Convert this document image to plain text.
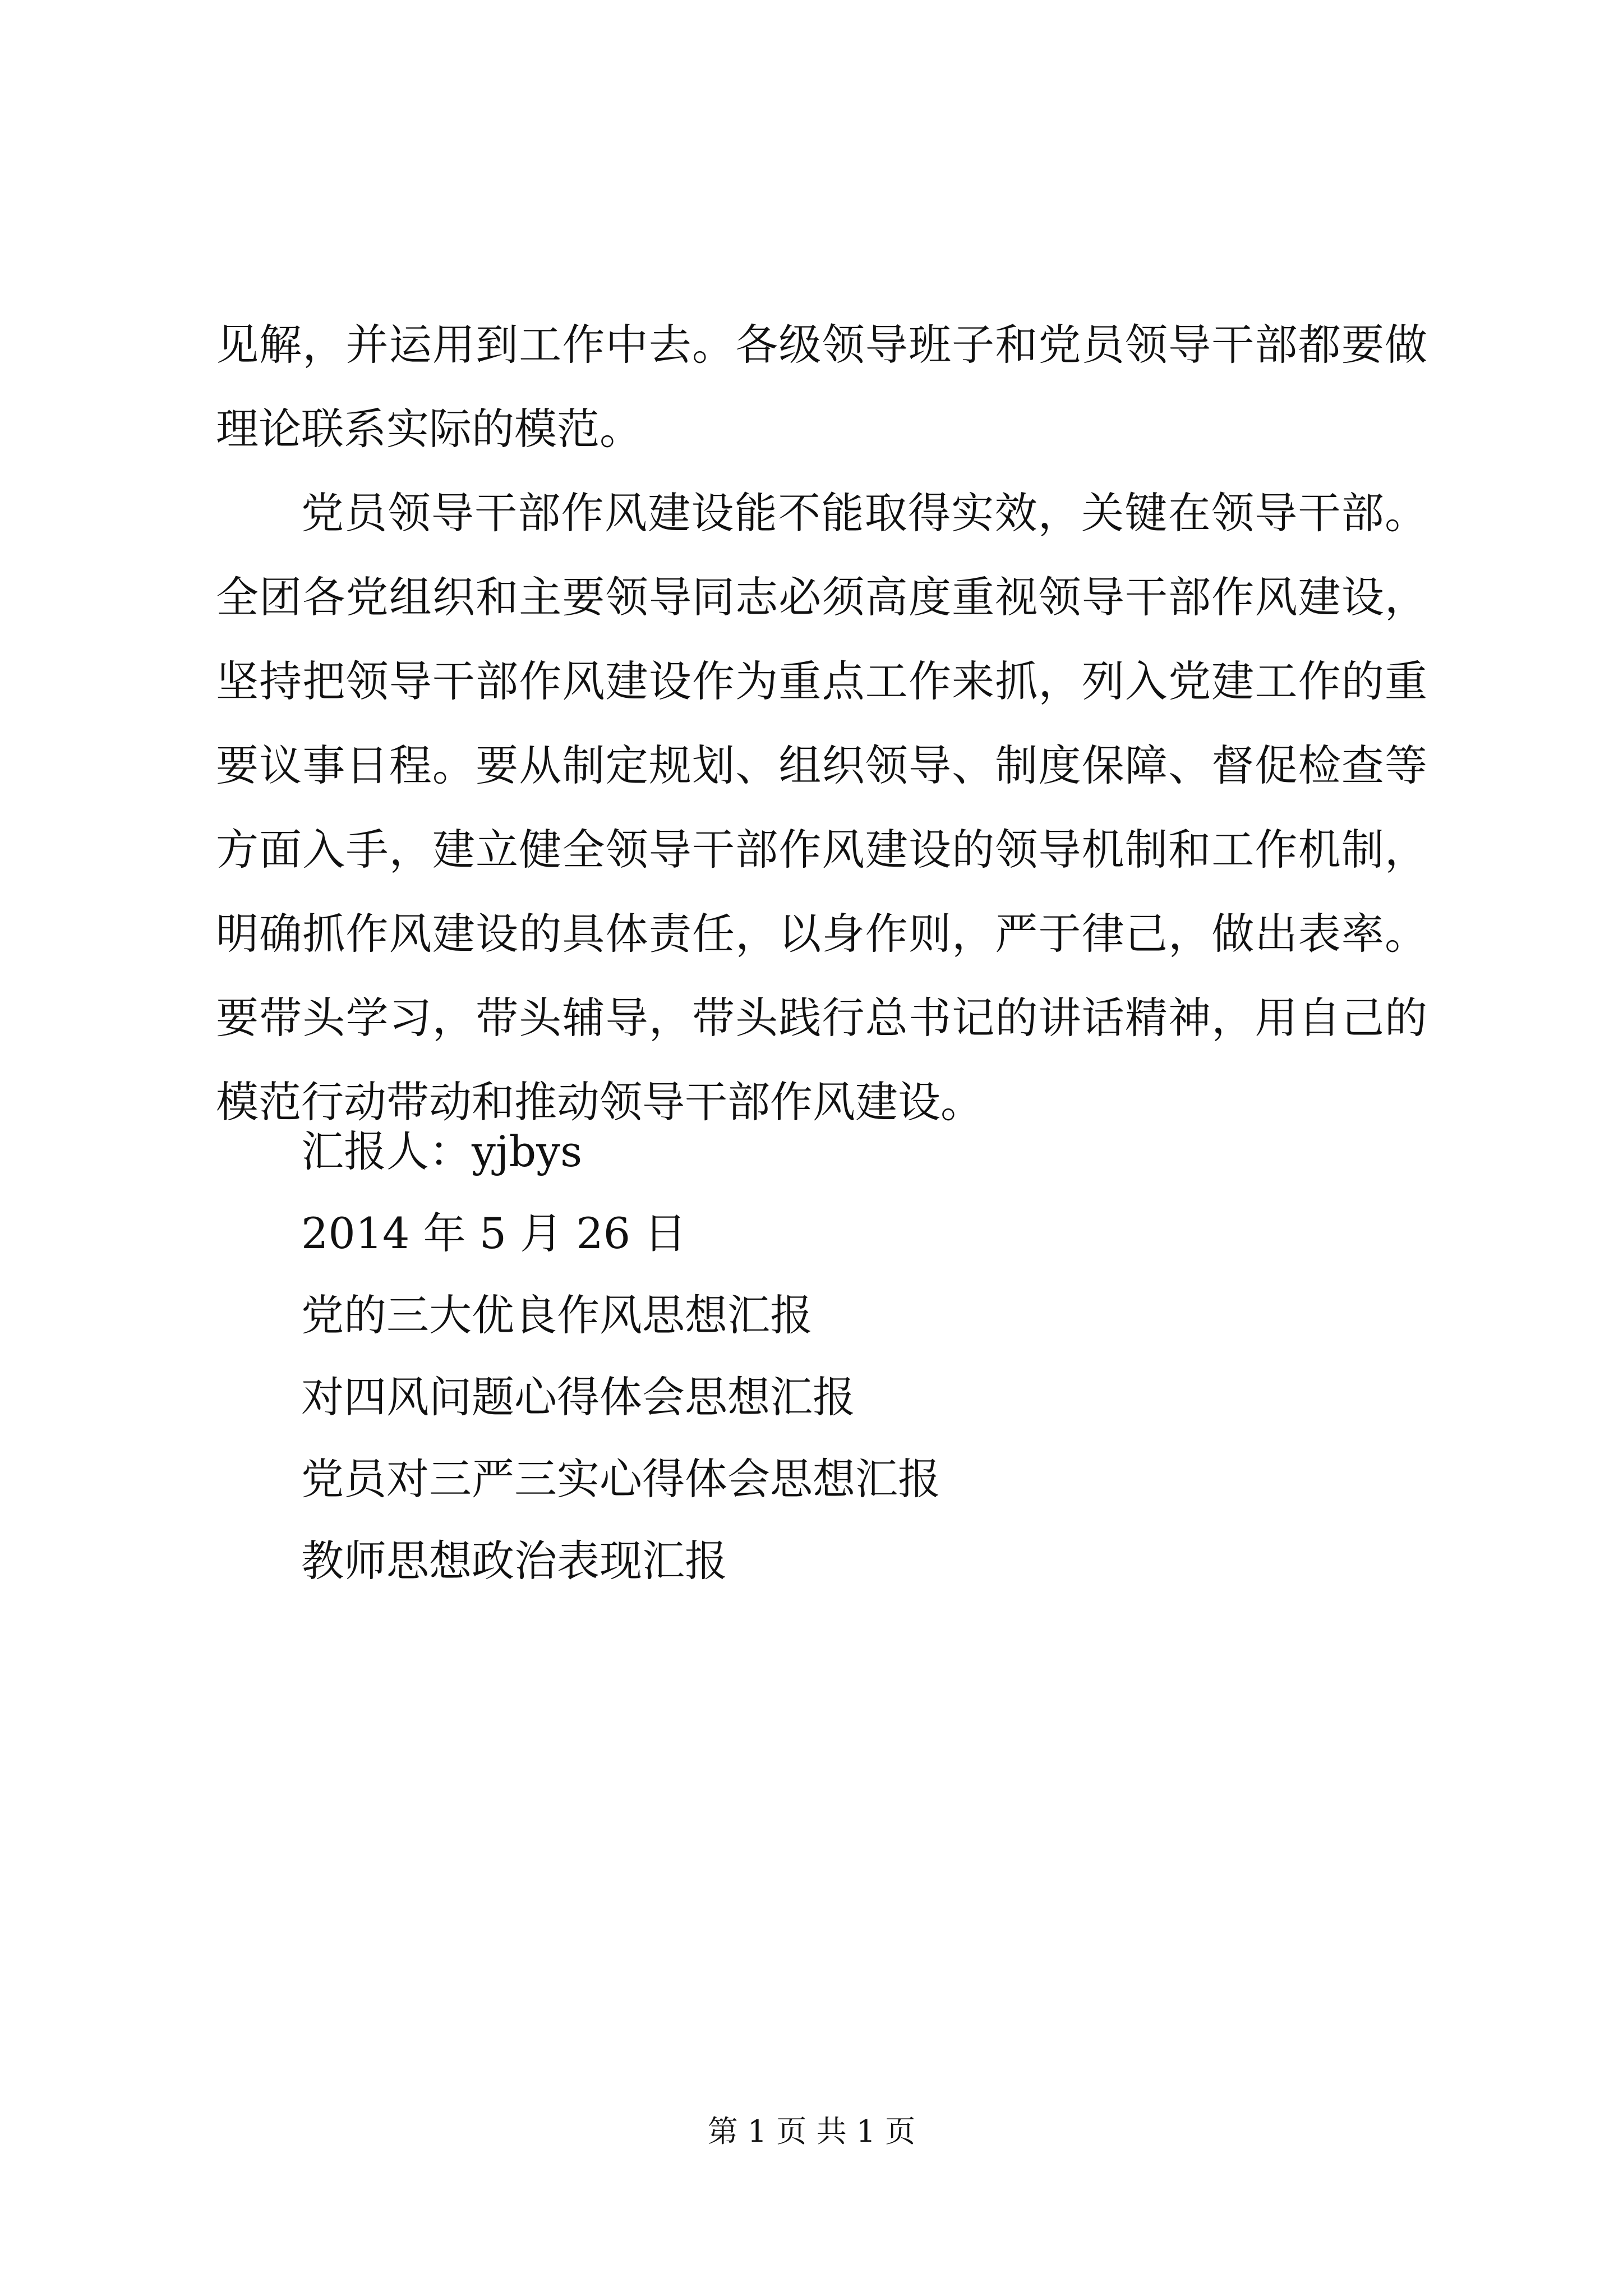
见解，并运用到工作中去。各级领导班子和党员领导干部都要做理论联系实际的模范。

党员领导干部作风建设能不能取得实效，关键在领导干部。全团各党组织和主要领导同志必须高度重视领导干部作风建设，坚持把领导干部作风建设作为重点工作来抓，列入党建工作的重要议事日程。要从制定规划、组织领导、制度保障、督促检查等方面入手，建立健全领导干部作风建设的领导机制和工作机制，明确抓作风建设的具体责任，以身作则，严于律己，做出表率。要带头学习，带头辅导，带头践行总书记的讲话精神，用自己的模范行动带动和推动领导干部作风建设。

汇报人：yjbys
2014 年 5 月 26 日
党的三大优良作风思想汇报
对四风问题心得体会思想汇报
党员对三严三实心得体会思想汇报
教师思想政治表现汇报
第 1 页 共 1 页
